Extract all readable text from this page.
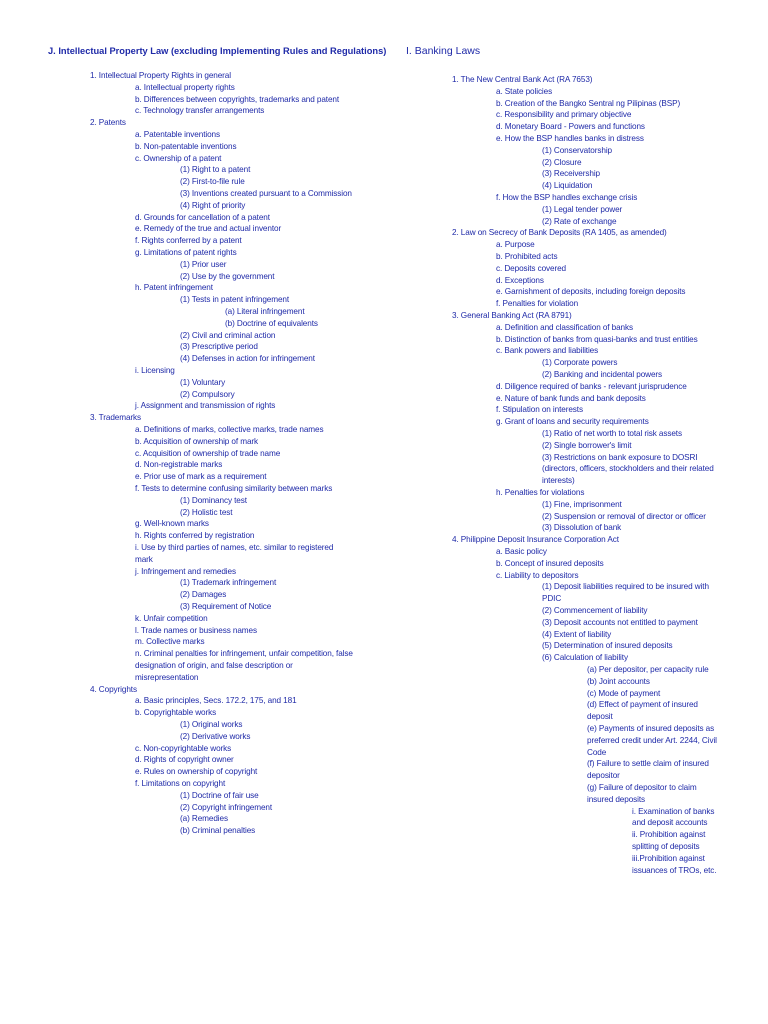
J. Intellectual Property Law (excluding Implementing Rules and Regulations)
1. Intellectual Property Rights in general
a. Intellectual property rights
b. Differences between copyrights, trademarks and patent
c. Technology transfer arrangements
2. Patents
a. Patentable inventions
b. Non-patentable inventions
c. Ownership of a patent
(1) Right to a patent
(2) First-to-file rule
(3) Inventions created pursuant to a Commission
(4) Right of priority
d. Grounds for cancellation of a patent
e. Remedy of the true and actual inventor
f. Rights conferred by a patent
g. Limitations of patent rights
(1) Prior user
(2) Use by the government
h. Patent infringement
(1) Tests in patent infringement
(a) Literal infringement
(b) Doctrine of equivalents
(2) Civil and criminal action
(3) Prescriptive period
(4) Defenses in action for infringement
i. Licensing
(1) Voluntary
(2) Compulsory
j. Assignment and transmission of rights
3. Trademarks
a. Definitions of marks, collective marks, trade names
b. Acquisition of ownership of mark
c. Acquisition of ownership of trade name
d. Non-registrable marks
e. Prior use of mark as a requirement
f. Tests to determine confusing similarity between marks
(1) Dominancy test
(2) Holistic test
g. Well-known marks
h. Rights conferred by registration
i. Use by third parties of names, etc. similar to registered
mark
j. Infringement and remedies
(1) Trademark infringement
(2) Damages
(3) Requirement of Notice
k. Unfair competition
l. Trade names or business names
m. Collective marks
n. Criminal penalties for infringement, unfair competition, false
designation of origin, and false description or
misrepresentation
4. Copyrights
a. Basic principles, Secs. 172.2, 175, and 181
b. Copyrightable works
(1) Original works
(2) Derivative works
c. Non-copyrightable works
d. Rights of copyright owner
e. Rules on ownership of copyright
f. Limitations on copyright
(1) Doctrine of fair use
(2) Copyright infringement
(a) Remedies
(b) Criminal penalties
I. Banking Laws
1. The New Central Bank Act (RA 7653)
a. State policies
b. Creation of the Bangko Sentral ng Pilipinas (BSP)
c. Responsibility and primary objective
d. Monetary Board - Powers and functions
e. How the BSP handles banks in distress
(1) Conservatorship
(2) Closure
(3) Receivership
(4) Liquidation
f. How the BSP handles exchange crisis
(1) Legal tender power
(2) Rate of exchange
2. Law on Secrecy of Bank Deposits (RA 1405, as amended)
a. Purpose
b. Prohibited acts
c. Deposits covered
d. Exceptions
e. Garnishment of deposits, including foreign deposits
f. Penalties for violation
3. General Banking Act (RA 8791)
a. Definition and classification of banks
b. Distinction of banks from quasi-banks and trust entities
c. Bank powers and liabilities
(1) Corporate powers
(2) Banking and incidental powers
d. Diligence required of banks - relevant jurisprudence
e. Nature of bank funds and bank deposits
f. Stipulation on interests
g. Grant of loans and security requirements
(1) Ratio of net worth to total risk assets
(2) Single borrower's limit
(3) Restrictions on bank exposure to DOSRI
(directors, officers, stockholders and their related
interests)
h. Penalties for violations
(1) Fine, imprisonment
(2) Suspension or removal of director or officer
(3) Dissolution of bank
4. Philippine Deposit Insurance Corporation Act
a. Basic policy
b. Concept of insured deposits
c. Liability to depositors
(1) Deposit liabilities required to be insured with
PDIC
(2) Commencement of liability
(3) Deposit accounts not entitled to payment
(4) Extent of liability
(5) Determination of insured deposits
(6) Calculation of liability
(a) Per depositor, per capacity rule
(b) Joint accounts
(c) Mode of payment
(d) Effect of payment of insured
deposit
(e) Payments of insured deposits as
preferred credit under Art. 2244, Civil
Code
(f) Failure to settle claim of insured
depositor
(g) Failure of depositor to claim
insured deposits
i. Examination of banks
and deposit accounts
ii. Prohibition against
splitting of deposits
iii.Prohibition against
issuances of TROs, etc.
